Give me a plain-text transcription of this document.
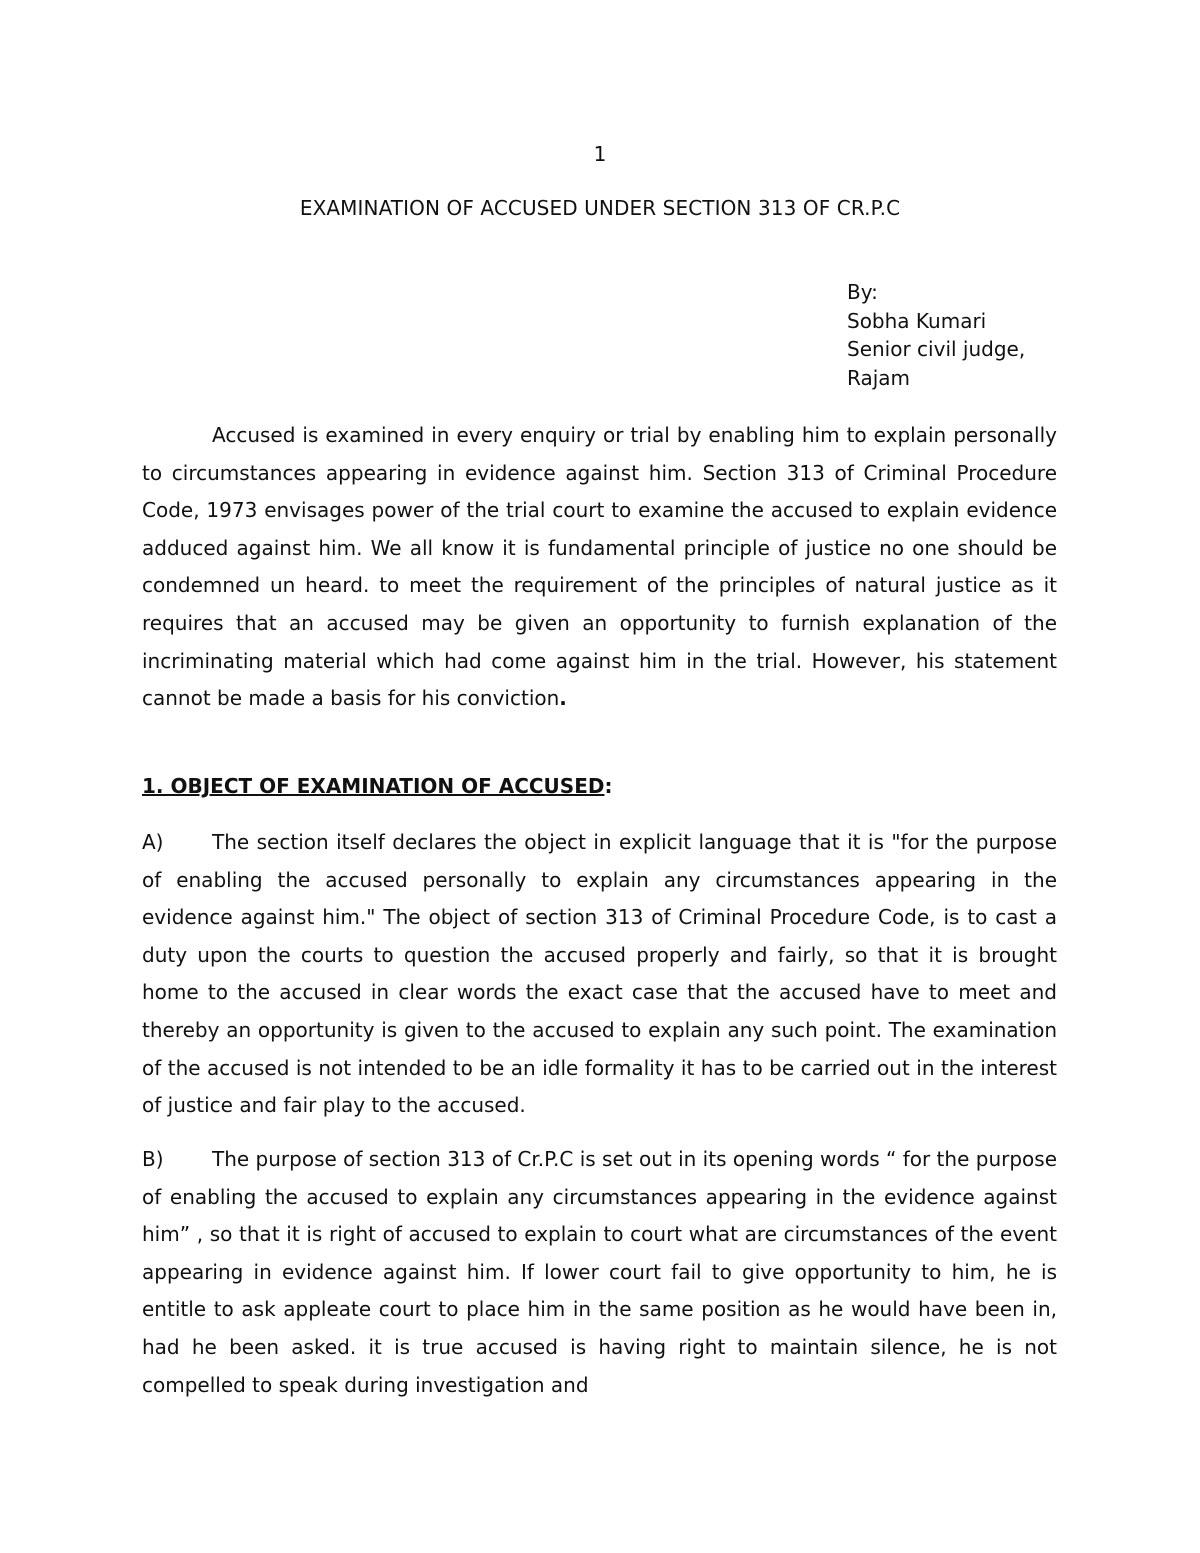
1
EXAMINATION OF ACCUSED UNDER SECTION 313 OF CR.P.C
By:
Sobha Kumari
Senior civil judge,
Rajam
Accused is examined in every enquiry or trial by enabling him to explain personally to circumstances appearing in evidence against him. Section 313 of Criminal Procedure Code, 1973 envisages power of the trial court to examine the accused to explain evidence adduced against him. We all know it is fundamental principle of justice no one should be condemned un heard. to meet the requirement of the principles of natural justice as it requires that an accused may be given an opportunity to furnish explanation of the incriminating material which had come against him in the trial. However, his statement cannot be made a basis for his conviction.
1. OBJECT OF EXAMINATION OF ACCUSED:
A) The section itself declares the object in explicit language that it is "for the purpose of enabling the accused personally to explain any circumstances appearing in the evidence against him." The object of section 313 of Criminal Procedure Code, is to cast a duty upon the courts to question the accused properly and fairly, so that it is brought home to the accused in clear words the exact case that the accused have to meet and thereby an opportunity is given to the accused to explain any such point. The examination of the accused is not intended to be an idle formality it has to be carried out in the interest of justice and fair play to the accused.
B) The purpose of section 313 of Cr.P.C is set out in its opening words “ for the purpose of enabling the accused to explain any circumstances appearing in the evidence against him” , so that it is right of accused to explain to court what are circumstances of the event appearing in evidence against him. If lower court fail to give opportunity to him, he is entitle to ask appleate court to place him in the same position as he would have been in, had he been asked. it is true accused is having right to maintain silence, he is not compelled to speak during investigation and
